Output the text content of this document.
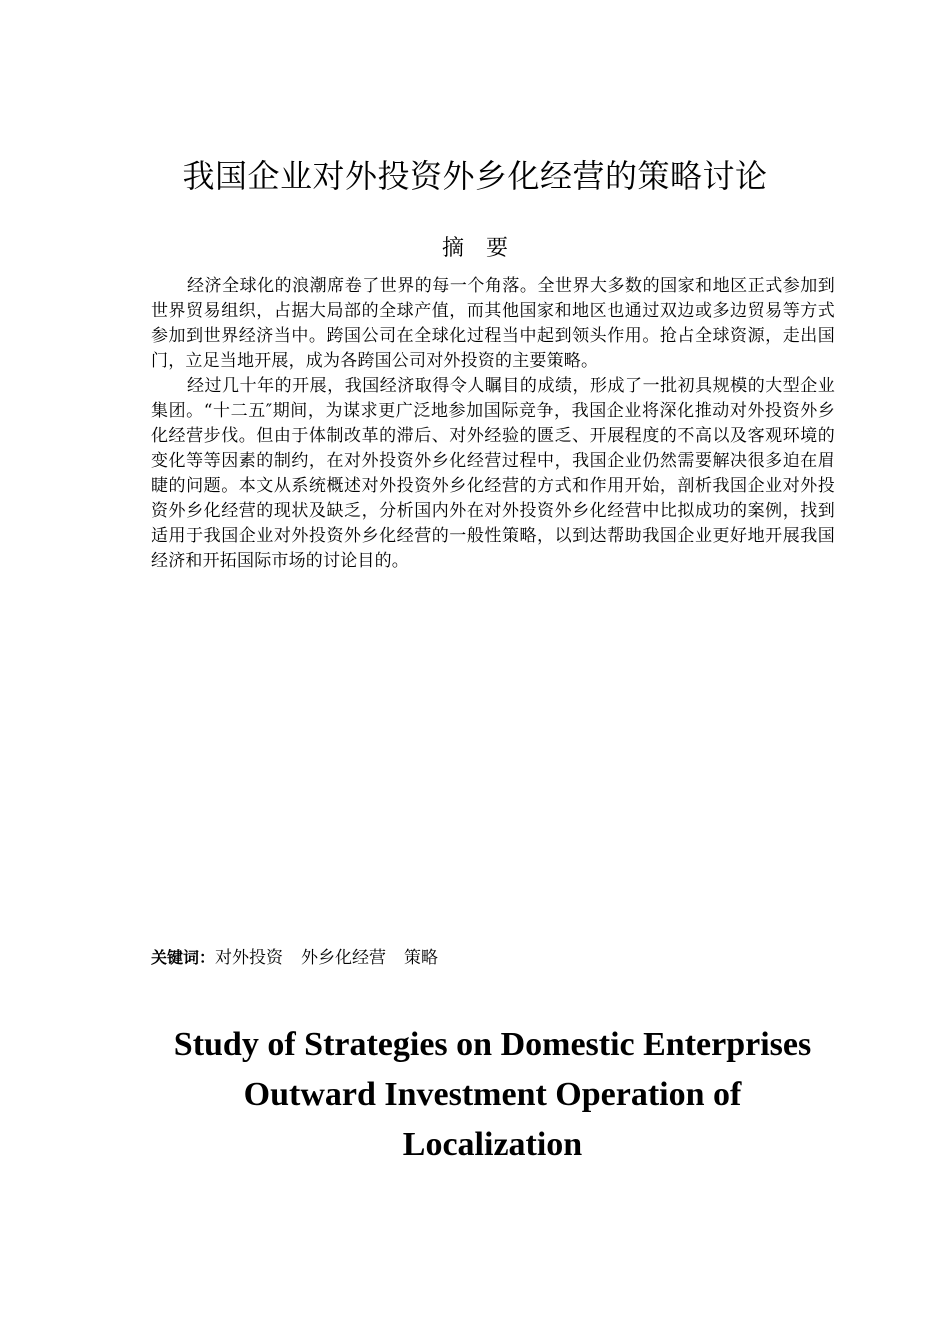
我国企业对外投资外乡化经营的策略讨论
摘要

经济全球化的浪潮席卷了世界的每一个角落。全世界大多数的国家和地区正式参加到世界贸易组织，占据大局部的全球产值，而其他国家和地区也通过双边或多边贸易等方式参加到世界经济当中。跨国公司在全球化过程当中起到领头作用。抢占全球资源，走出国门，立足当地开展，成为各跨国公司对外投资的主要策略。

经过几十年的开展，我国经济取得令人瞩目的成绩，形成了一批初具规模的大型企业集团。“十二五″期间，为谋求更广泛地参加国际竞争，我国企业将深化推动对外投资外乡化经营步伐。但由于体制改革的滞后、对外经验的匮乏、开展程度的不高以及客观环境的变化等等因素的制约，在对外投资外乡化经营过程中，我国企业仍然需要解决很多迫在眉睫的问题。本文从系统概述对外投资外乡化经营的方式和作用开始，剖析我国企业对外投资外乡化经营的现状及缺乏，分析国内外在对外投资外乡化经营中比拟成功的案例，找到适用于我国企业对外投资外乡化经营的一般性策略，以到达帮助我国企业更好地开展我国经济和开拓国际市场的讨论目的。

关键词：对外投资 外乡化经营 策略
Study of Strategies on Domestic Enterprises
Outward Investment Operation of
Localization
